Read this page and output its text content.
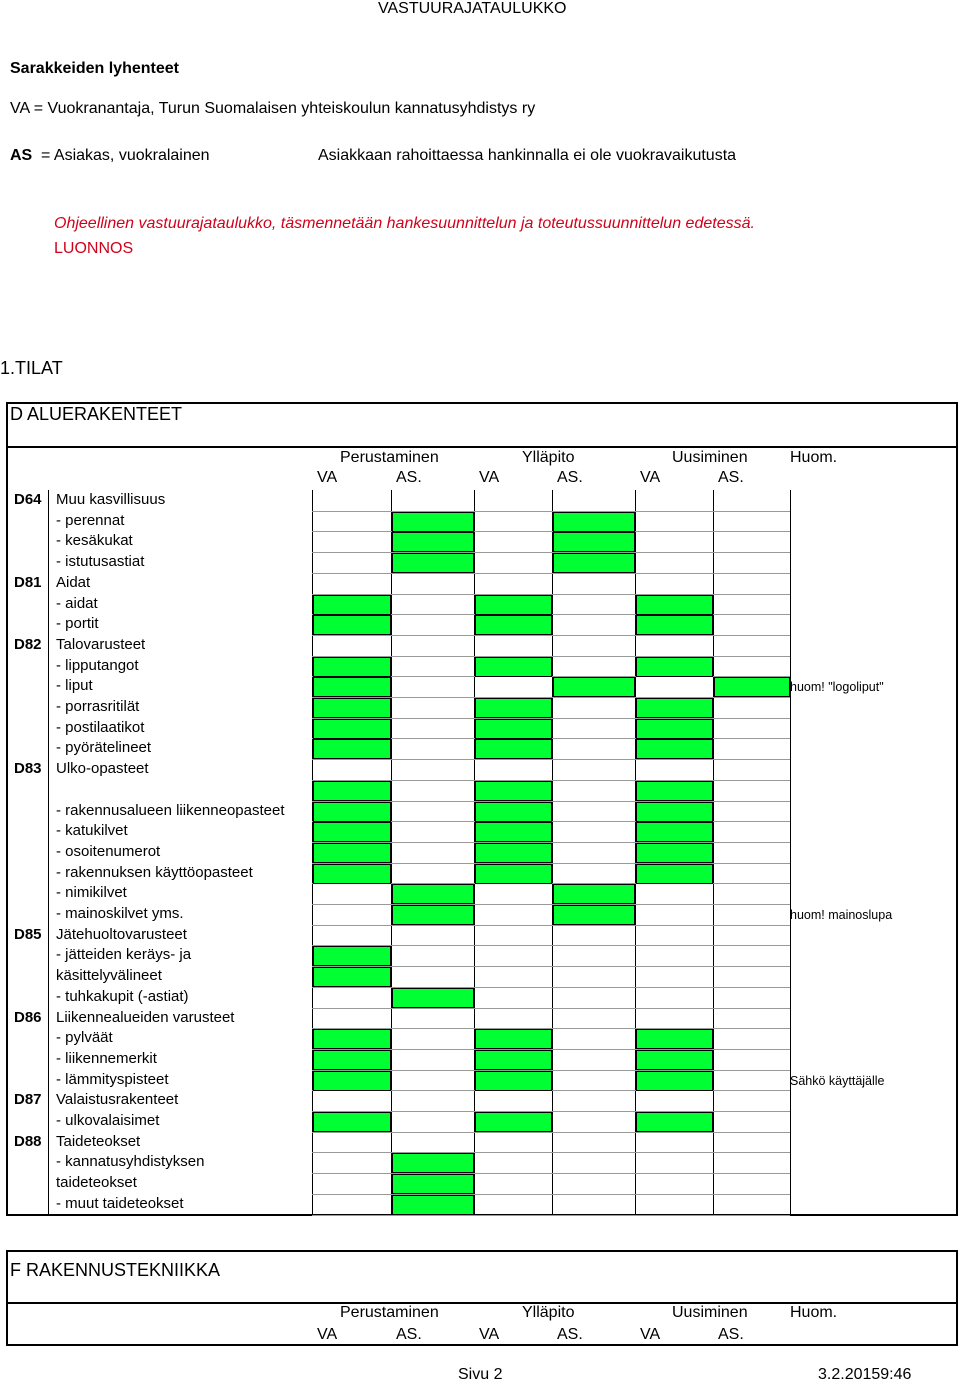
VASTUURAJATAULUKKO
Sarakkeiden lyhenteet
VA = Vuokranantaja, Turun Suomalaisen yhteiskoulun kannatusyhdistys ry
AS = Asiakas, vuokralainen	Asiakkaan rahoittaessa hankinnalla ei ole vuokravaikutusta
Ohjeellinen vastuurajataulukko, täsmennetään hankesuunnittelun ja toteutussuunnittelun edetessä.
LUONNOS
1.TILAT
D ALUERAKENTEET
F RAKENNUSTEKNIIKKA
Sivu 2	3.2.20159:46
Perustaminen	Ylläpito	Uusiminen	Huom.
VA	AS.	VA	AS.	VA	AS.
D64 Muu kasvillisuus
- perennat
- kesäkukat
- istutusastiat
D81 Aidat
- aidat
- portit
D82 Talovarusteet
- lipputangot
- liput	huom! "logoliput"
- porrasritilät
- postilaatikot
- pyörätelineet
D83 Ulko-opasteet
- rakennusalueen liikenneopasteet
- katukilvet
- osoitenumerot
- rakennuksen käyttöopasteet
- nimikilvet
- mainoskilvet yms.	huom! mainoslupa
D85 Jätehuoltovarusteet
- jätteiden keräys- ja
käsittelyvälineet
- tuhkakupit (-astiat)
D86 Liikennealueiden varusteet
- pylväät
- liikennemerkit
- lämmityspisteet	Sähkö käyttäjälle
D87 Valaistusrakenteet
- ulkovalaisimet
D88 Taideteokset
- kannatusyhdistyksen
taideteokset
- muut taideteokset
Perustaminen	Ylläpito	Uusiminen	Huom.
VA	AS.	VA	AS.	VA	AS.
